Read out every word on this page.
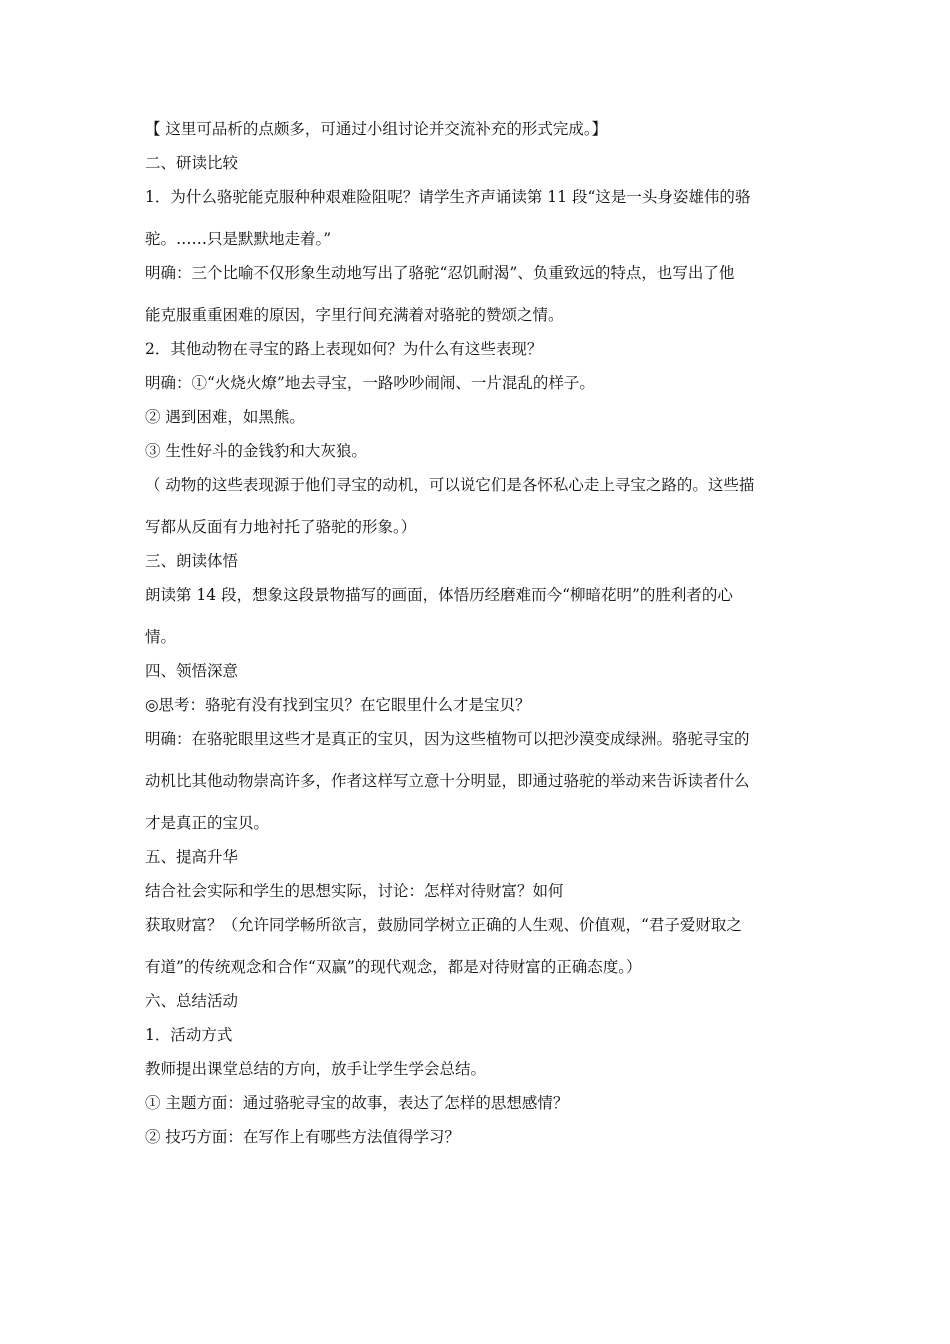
【 这里可品析的点颇多，可通过小组讨论并交流补充的形式完成。】

二、研读比较

1．为什么骆驼能克服种种艰难险阻呢？请学生齐声诵读第 11 段“这是一头身姿雄伟的骆

驼。……只是默默地走着。”

明确：三个比喻不仅形象生动地写出了骆驼“忍饥耐渴”、负重致远的特点，也写出了他

能克服重重困难的原因，字里行间充满着对骆驼的赞颂之情。

2．其他动物在寻宝的路上表现如何？为什么有这些表现？

明确：①“火烧火燎”地去寻宝，一路吵吵闹闹、一片混乱的样子。

② 遇到困难，如黑熊。

③ 生性好斗的金钱豹和大灰狼。

（ 动物的这些表现源于他们寻宝的动机，可以说它们是各怀私心走上寻宝之路的。这些描

写都从反面有力地衬托了骆驼的形象。）

三、朗读体悟

朗读第 14 段，想象这段景物描写的画面，体悟历经磨难而今“柳暗花明”的胜利者的心

情。

四、领悟深意

◎思考：骆驼有没有找到宝贝？在它眼里什么才是宝贝？

明确：在骆驼眼里这些才是真正的宝贝，因为这些植物可以把沙漠变成绿洲。骆驼寻宝的

动机比其他动物崇高许多，作者这样写立意十分明显，即通过骆驼的举动来告诉读者什么

才是真正的宝贝。

五、提高升华

结合社会实际和学生的思想实际，讨论：怎样对待财富？如何

获取财富？（允许同学畅所欲言，鼓励同学树立正确的人生观、价值观，“君子爱财取之

有道”的传统观念和合作“双赢”的现代观念，都是对待财富的正确态度。）

六、总结活动

1．活动方式

教师提出课堂总结的方向，放手让学生学会总结。

① 主题方面：通过骆驼寻宝的故事，表达了怎样的思想感情？

② 技巧方面：在写作上有哪些方法值得学习？
